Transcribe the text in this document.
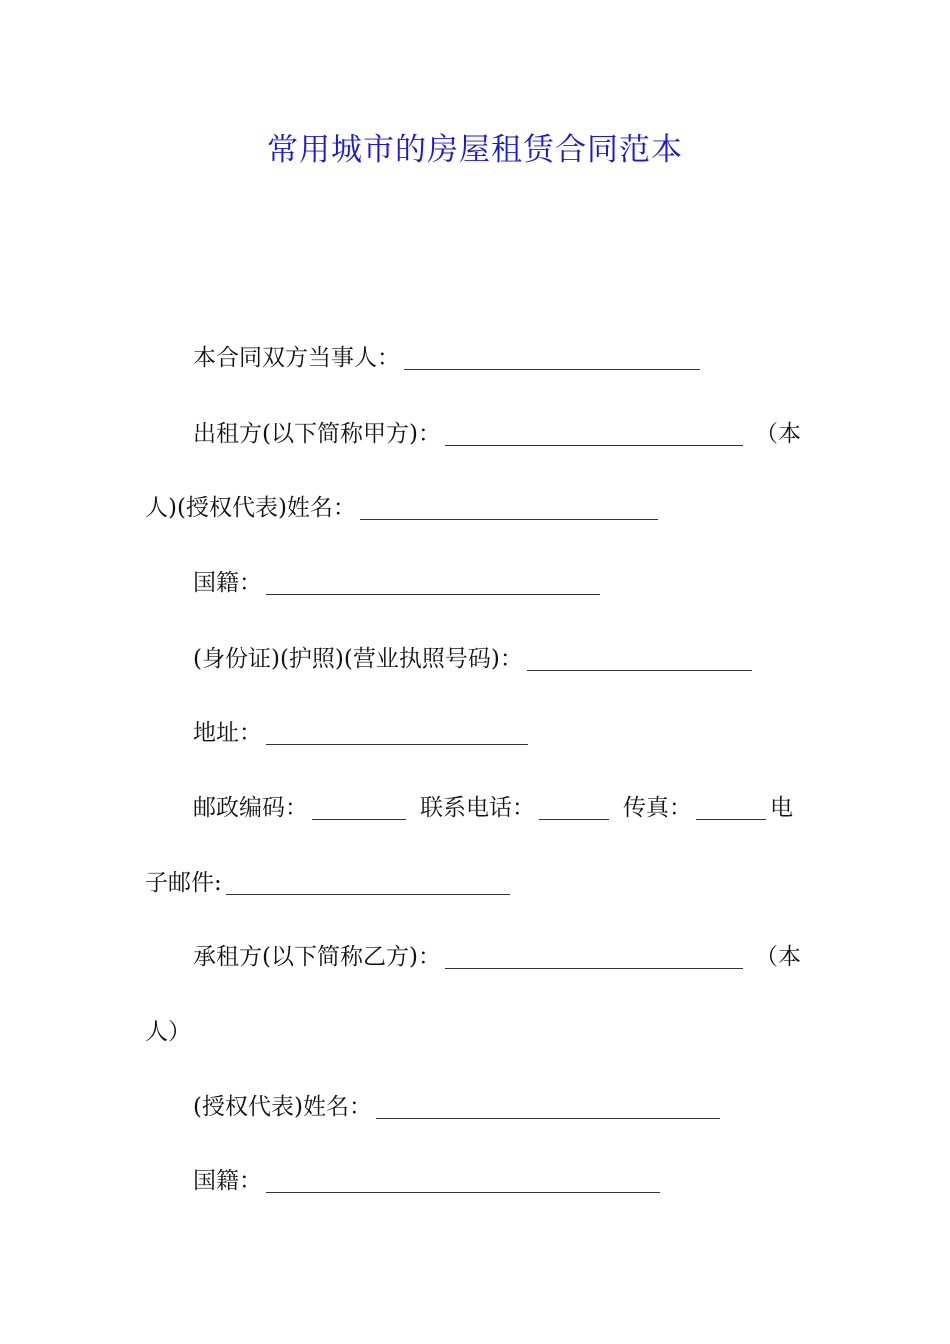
常用城市的房屋租赁合同范本
本合同双方当事人：
出租方(以下简称甲方)：	（本
人)(授权代表)姓名：
国籍：
(身份证)(护照)(营业执照号码)：
地址：
邮政编码：	联系电话：	传真：	电
子邮件:
承租方(以下简称乙方)：	（本
人）
(授权代表)姓名：
国籍：
